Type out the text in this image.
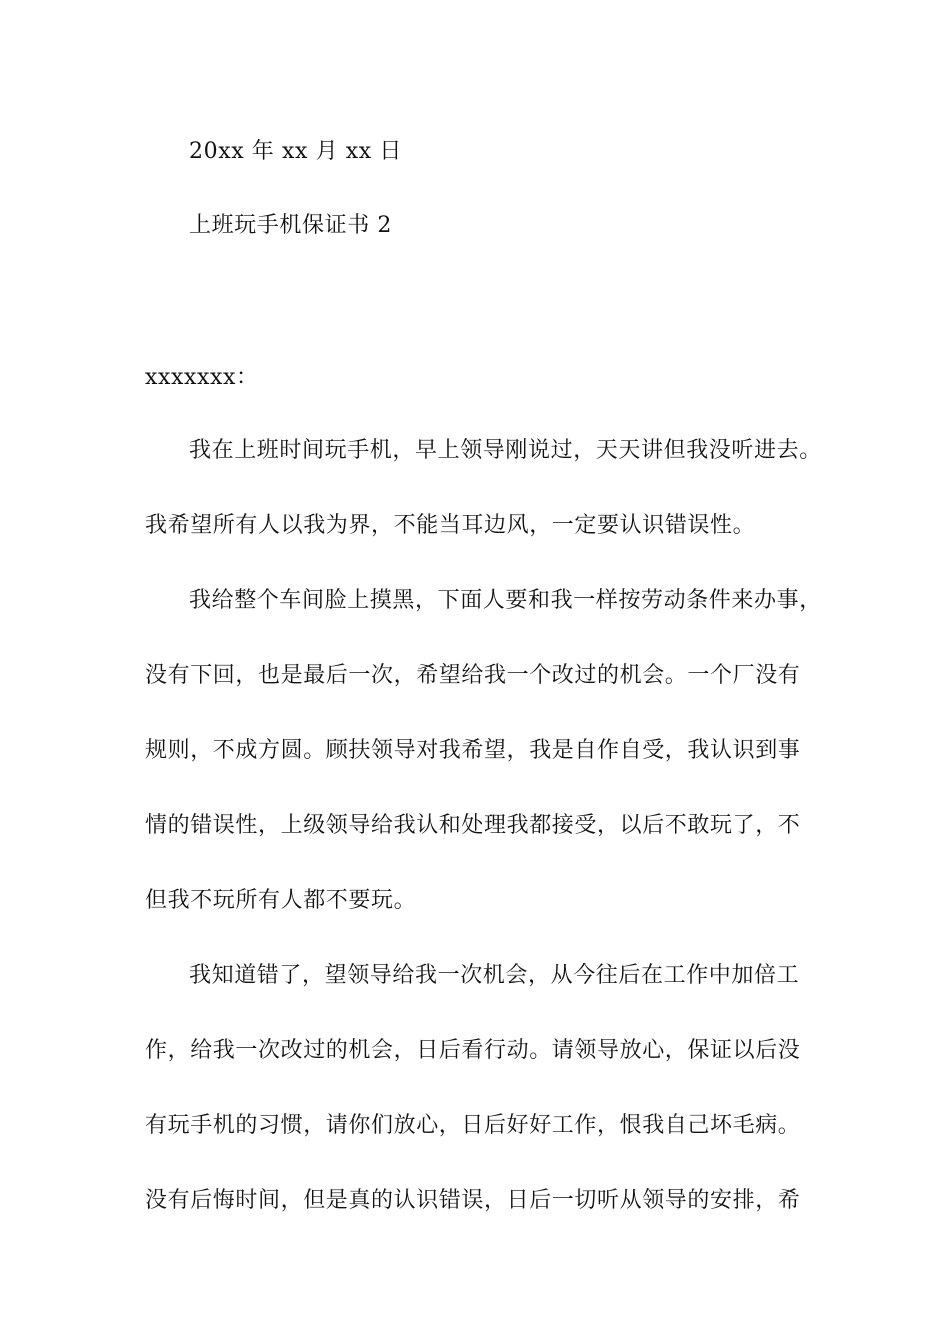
20xx 年 xx 月 xx 日
上班玩手机保证书 2
xxxxxxx：
我在上班时间玩手机，早上领导刚说过，天天讲但我没听进去。
我希望所有人以我为界，不能当耳边风，一定要认识错误性。
我给整个车间脸上摸黑，下面人要和我一样按劳动条件来办事，
没有下回，也是最后一次，希望给我一个改过的机会。一个厂没有
规则，不成方圆。顾扶领导对我希望，我是自作自受，我认识到事
情的错误性，上级领导给我认和处理我都接受，以后不敢玩了，不
但我不玩所有人都不要玩。
我知道错了，望领导给我一次机会，从今往后在工作中加倍工
作，给我一次改过的机会，日后看行动。请领导放心，保证以后没
有玩手机的习惯，请你们放心，日后好好工作，恨我自己坏毛病。
没有后悔时间，但是真的认识错误，日后一切听从领导的安排，希
